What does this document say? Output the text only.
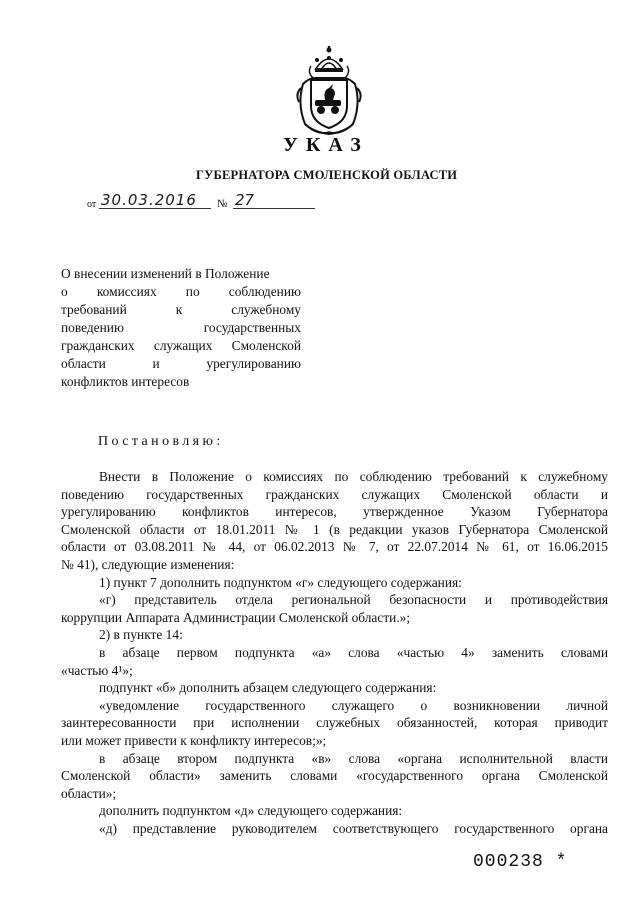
УКАЗ
ГУБЕРНАТОРА СМОЛЕНСКОЙ ОБЛАСТИ
от 30.03.2016 № 27
О внесении изменений в Положение
о комиссиях по соблюдению
требований к служебному
поведению государственных
гражданских служащих Смоленской
области и урегулированию
конфликтов интересов
Постановляю:
Внести в Положение о комиссиях по соблюдению требований к служебному
поведению государственных гражданских служащих Смоленской области и
урегулированию конфликтов интересов, утвержденное Указом Губернатора
Смоленской области от 18.01.2011 № 1 (в редакции указов Губернатора Смоленской
области от 03.08.2011 № 44, от 06.02.2013 № 7, от 22.07.2014 № 61, от 16.06.2015
№ 41), следующие изменения:
1) пункт 7 дополнить подпунктом «г» следующего содержания:
«г) представитель отдела региональной безопасности и противодействия
коррупции Аппарата Администрации Смоленской области.»;
2) в пункте 14:
в абзаце первом подпункта «а» слова «частью 4» заменить словами
«частью 4¹»;
подпункт «б» дополнить абзацем следующего содержания:
«уведомление государственного служащего о возникновении личной
заинтересованности при исполнении служебных обязанностей, которая приводит
или может привести к конфликту интересов;»;
в абзаце втором подпункта «в» слова «органа исполнительной власти
Смоленской области» заменить словами «государственного органа Смоленской
области»;
дополнить подпунктом «д» следующего содержания:
«д) представление руководителем соответствующего государственного органа
000238 *
